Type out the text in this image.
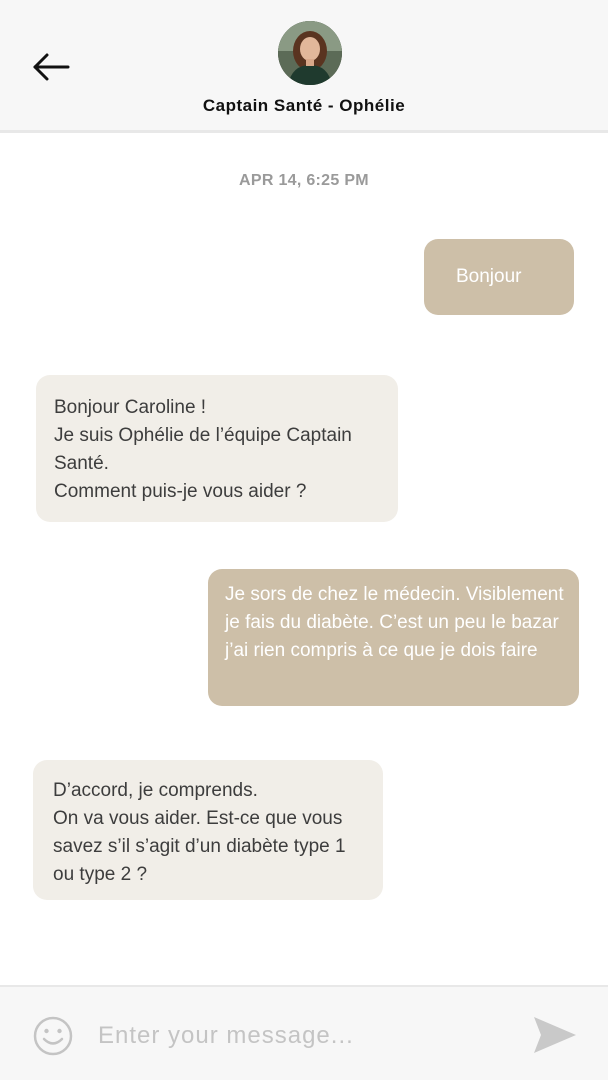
Captain Santé - Ophélie
APR 14, 6:25 PM
Bonjour
Bonjour Caroline !
Je suis Ophélie de l’équipe Captain Santé.
Comment puis-je vous aider ?
Je sors de chez le médecin. Visiblement je fais du diabète. C’est un peu le bazar j’ai rien compris à ce que je dois faire
D’accord, je comprends.
On va vous aider. Est-ce que vous savez s’il s’agit d’un diabète type 1 ou type 2 ?
Enter your message...
